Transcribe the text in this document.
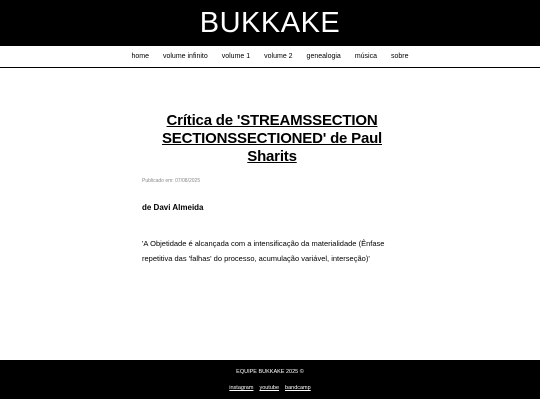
BUKKAKE
home volume infinito volume 1 volume 2 genealogia música sobre
Crítica de 'STREAMSSECTION SECTIONSSECTIONED' de Paul Sharits
Publicado em: 07/08/2025
de Davi Almeida

'A Objetidade é alcançada com a intensificação da materialidade (Ênfase repetitiva das 'falhas' do processo, acumulação variável, interseção)'

EQUIPE BUKKAKE 2025 ©
instagram youtube bandcamp
